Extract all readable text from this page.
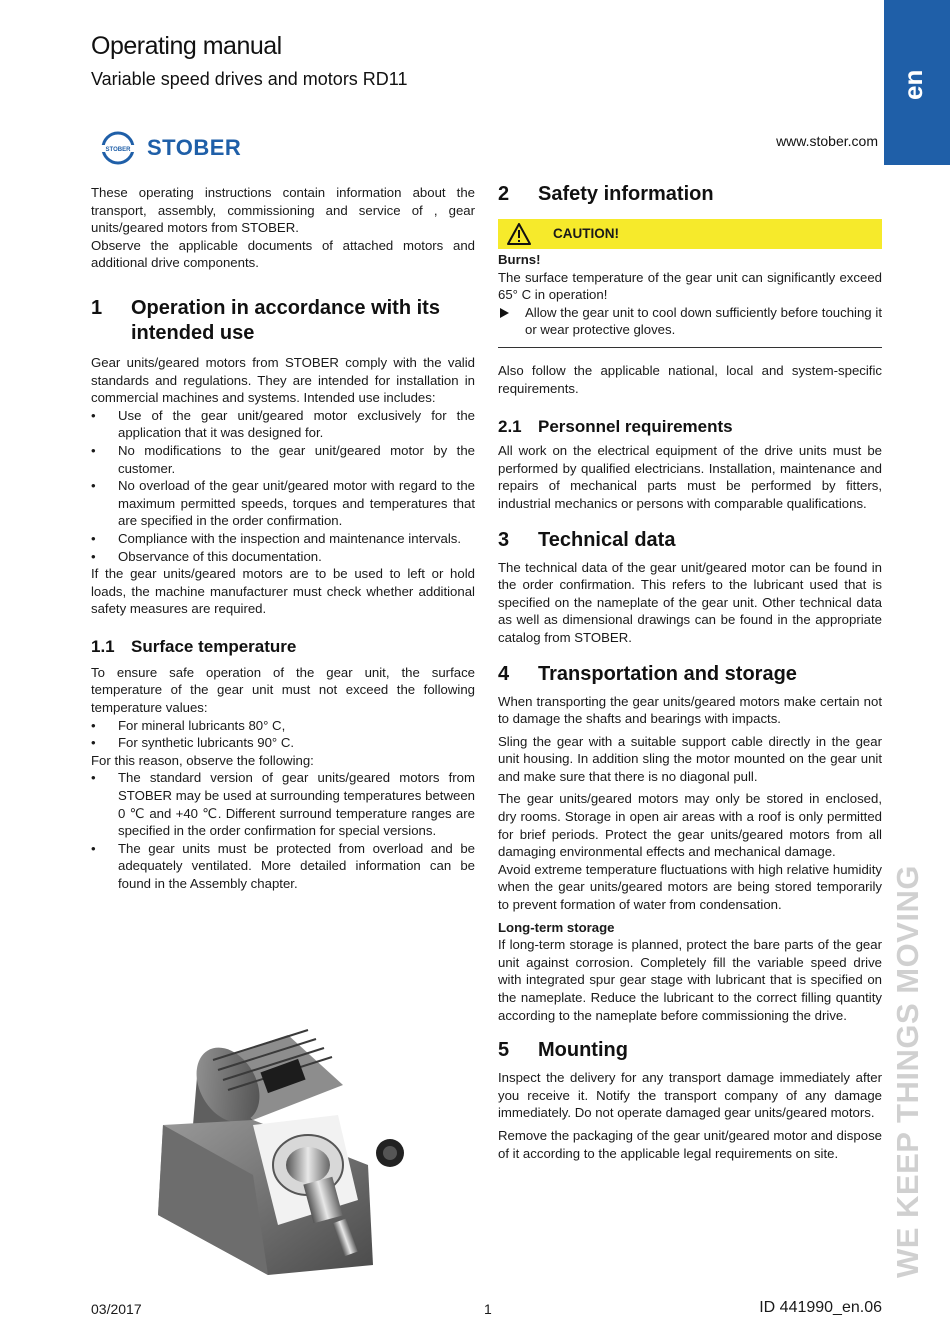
Operating manual
Variable speed drives and motors RD11	en
STOBER STOBER	www.stober.com

These operating instructions contain information about the transport, assembly, commissioning and service of , gear units/geared motors from STOBER.

Observe the applicable documents of attached motors and additional drive components.

1	Operation in accordance with its intended use

Gear units/geared motors from STOBER comply with the valid standards and regulations. They are intended for installation in commercial machines and systems. Intended use includes:

• Use of the gear unit/geared motor exclusively for the application that it was designed for.
• No modifications to the gear unit/geared motor by the customer.
• No overload of the gear unit/geared motor with regard to the maximum permitted speeds, torques and temperatures that are specified in the order confirmation.
• Compliance with the inspection and maintenance intervals.
• Observance of this documentation.

If the gear units/geared motors are to be used to left or hold loads, the machine manufacturer must check whether additional safety measures are required.

1.1 Surface temperature

To ensure safe operation of the gear unit, the surface temperature of the gear unit must not exceed the following temperature values:

• For mineral lubricants 80° C,
• For synthetic lubricants 90° C.

For this reason, observe the following:

• The standard version of gear units/geared motors from STOBER may be used at surrounding temperatures between 0 ℃ and +40 ℃. Different surround temperature ranges are specified in the order confirmation for special versions.
• The gear units must be protected from overload and be adequately ventilated. More detailed information can be found in the Assembly chapter.
2	Safety information
CAUTION!

Burns!

The surface temperature of the gear unit can significantly exceed 65° C in operation!

Allow the gear unit to cool down sufficiently before touching it or wear protective gloves.

Also follow the applicable national, local and system-specific requirements.

2.1 Personnel requirements

All work on the electrical equipment of the drive units must be performed by qualified electricians. Installation, maintenance and repairs of mechanical parts must be performed by fitters, industrial mechanics or persons with comparable qualifications.

3	Technical data

The technical data of the gear unit/geared motor can be found in the order confirmation. This refers to the lubricant used that is specified on the nameplate of the gear unit. Other technical data as well as dimensional drawings can be found in the appropriate catalog from STOBER.

4	Transportation and storage

When transporting the gear units/geared motors make certain not to damage the shafts and bearings with impacts.

Sling the gear with a suitable support cable directly in the gear unit housing. In addition sling the motor mounted on the gear unit and make sure that there is no diagonal pull.

The gear units/geared motors may only be stored in enclosed, dry rooms. Storage in open air areas with a roof is only permitted for brief periods. Protect the gear units/geared motors from all damaging environmental effects and mechanical damage.

Avoid extreme temperature fluctuations with high relative humidity when the gear units/geared motors are being stored temporarily to prevent formation of water from condensation.

Long-term storage

If long-term storage is planned, protect the bare parts of the gear unit against corrosion. Completely fill the variable speed drive with integrated spur gear stage with lubricant that is specified on the nameplate. Reduce the lubricant to the correct filling quantity according to the nameplate before commissioning the drive.

5	Mounting

Inspect the delivery for any transport damage immediately after you receive it. Notify the transport company of any damage immediately. Do not operate damaged gear units/geared motors.

Remove the packaging of the gear unit/geared motor and dispose of it according to the applicable legal requirements on site.	WE KEEP THINGS MOVING
03/2017	1	ID 441990_en.06
